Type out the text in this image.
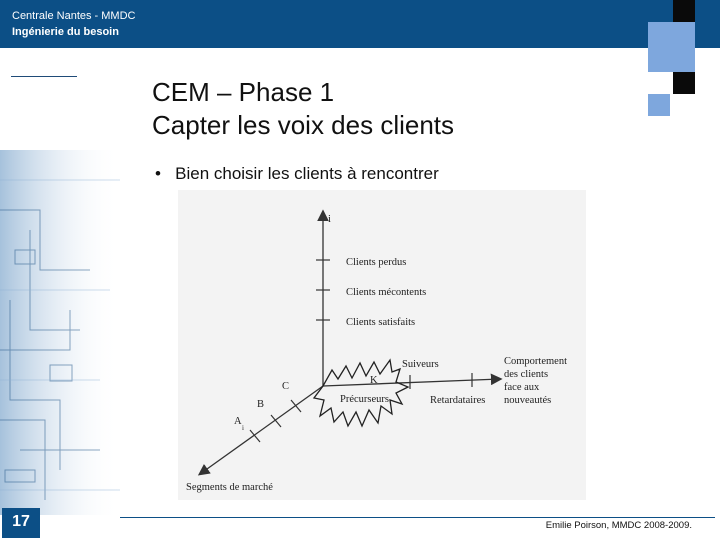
Centrale Nantes - MMDC
Ingénierie du besoin
CEM – Phase 1
Capter les voix des clients
• Bien choisir les clients à rencontrer
i
Clients perdus
Clients mécontents
Clients satisfaits
Suiveurs
Retardataires
K
Comportement
des clients
face aux
nouveautés
C
B
A
i
Segments de marché
Précurseurs
17	Emilie Poirson, MMDC 2008-2009.
